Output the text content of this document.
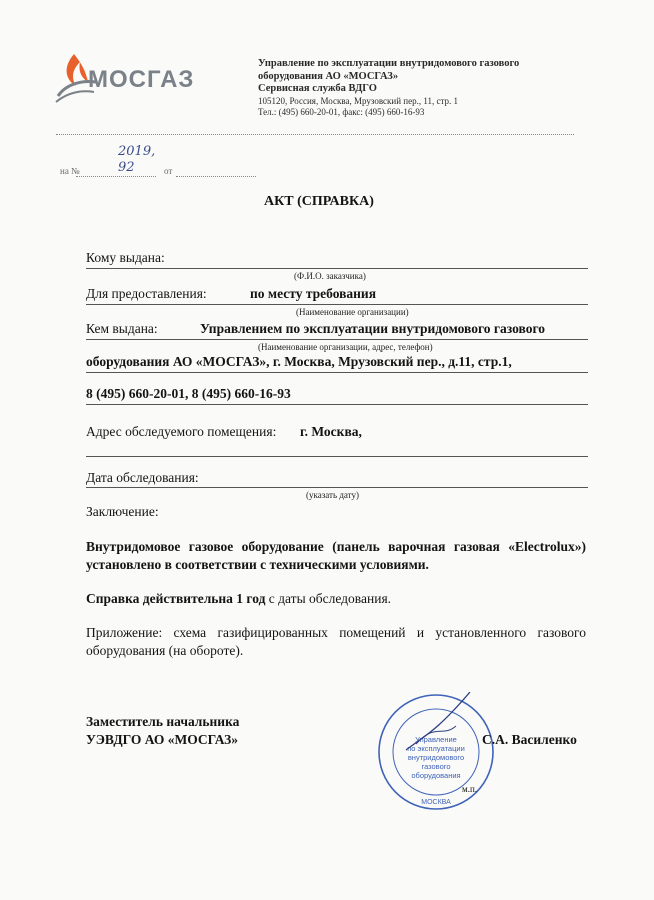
МОСГАЗ
Управление по эксплуатации внутридомового газового
оборудования АО «МОСГАЗ»
Сервисная служба ВДГО
105120, Россия, Москва, Мрузовский пер., 11, стр. 1
Тел.: (495) 660-20-01, факс: (495) 660-16-93
2019,
на №	92	от
АКТ (СПРАВКА)
Кому выдана:
(Ф.И.О. заказчика)
Для предоставления:	по месту требования
(Наименование организации)
Кем выдана:	Управлением по эксплуатации внутридомового газового
(Наименование организации, адрес, телефон)
оборудования АО «МОСГАЗ», г. Москва, Мрузовский пер., д.11, стр.1,
8 (495) 660-20-01, 8 (495) 660-16-93
Адрес обследуемого помещения: г. Москва,
Дата обследования:
(указать дату)
Заключение:
Внутридомовое газовое оборудование (панель варочная газовая «Electrolux») установлено в соответствии с техническими условиями.
Справка действительна 1 год с даты обследования.
Приложение: схема газифицированных помещений и установленного газового оборудования (на обороте).
Заместитель начальника
УЭВДГО АО «МОСГАЗ»	Управление
по эксплуатации
внутридомового
газового
оборудования
МОСКВА
С.А. Василенко
м.п.
